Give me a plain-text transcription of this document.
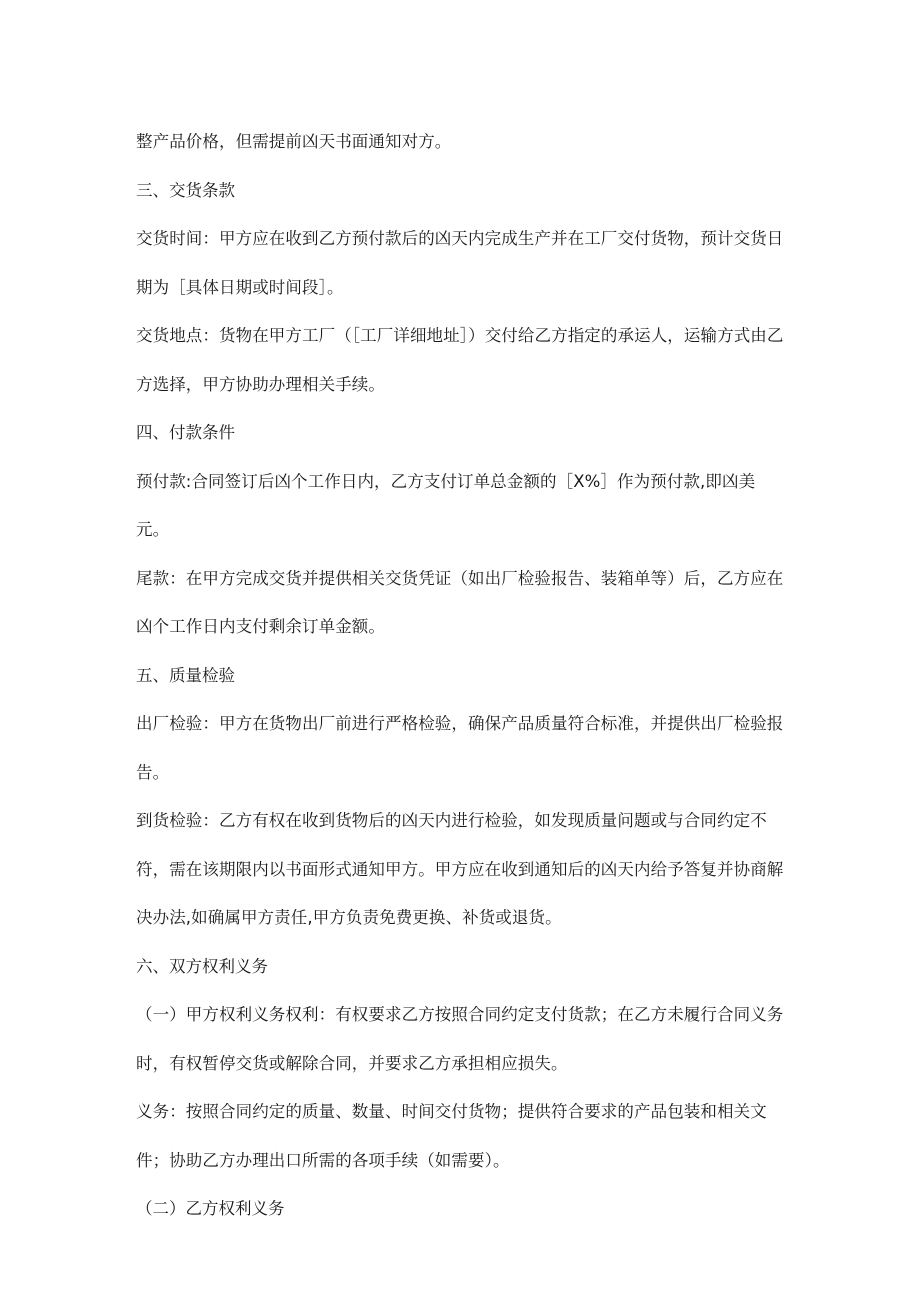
整产品价格，但需提前凶天书面通知对方。

三、交货条款

交货时间：甲方应在收到乙方预付款后的凶天内完成生产并在工厂交付货物，预计交货日期为［具体日期或时间段］。

交货地点：货物在甲方工厂（［工厂详细地址］）交付给乙方指定的承运人，运输方式由乙方选择，甲方协助办理相关手续。

四、付款条件

预付款:合同签订后凶个工作日内，乙方支付订单总金额的［X%］作为预付款,即凶美元。

尾款：在甲方完成交货并提供相关交货凭证（如出厂检验报告、装箱单等）后，乙方应在凶个工作日内支付剩余订单金额。

五、质量检验

出厂检验：甲方在货物出厂前进行严格检验，确保产品质量符合标准，并提供出厂检验报告。

到货检验：乙方有权在收到货物后的凶天内进行检验，如发现质量问题或与合同约定不符，需在该期限内以书面形式通知甲方。甲方应在收到通知后的凶天内给予答复并协商解决办法,如确属甲方责任,甲方负责免费更换、补货或退货。

六、双方权利义务

（一）甲方权利义务权利：有权要求乙方按照合同约定支付货款；在乙方未履行合同义务时，有权暂停交货或解除合同，并要求乙方承担相应损失。

义务：按照合同约定的质量、数量、时间交付货物；提供符合要求的产品包装和相关文件；协助乙方办理出口所需的各项手续（如需要）。

（二）乙方权利义务
